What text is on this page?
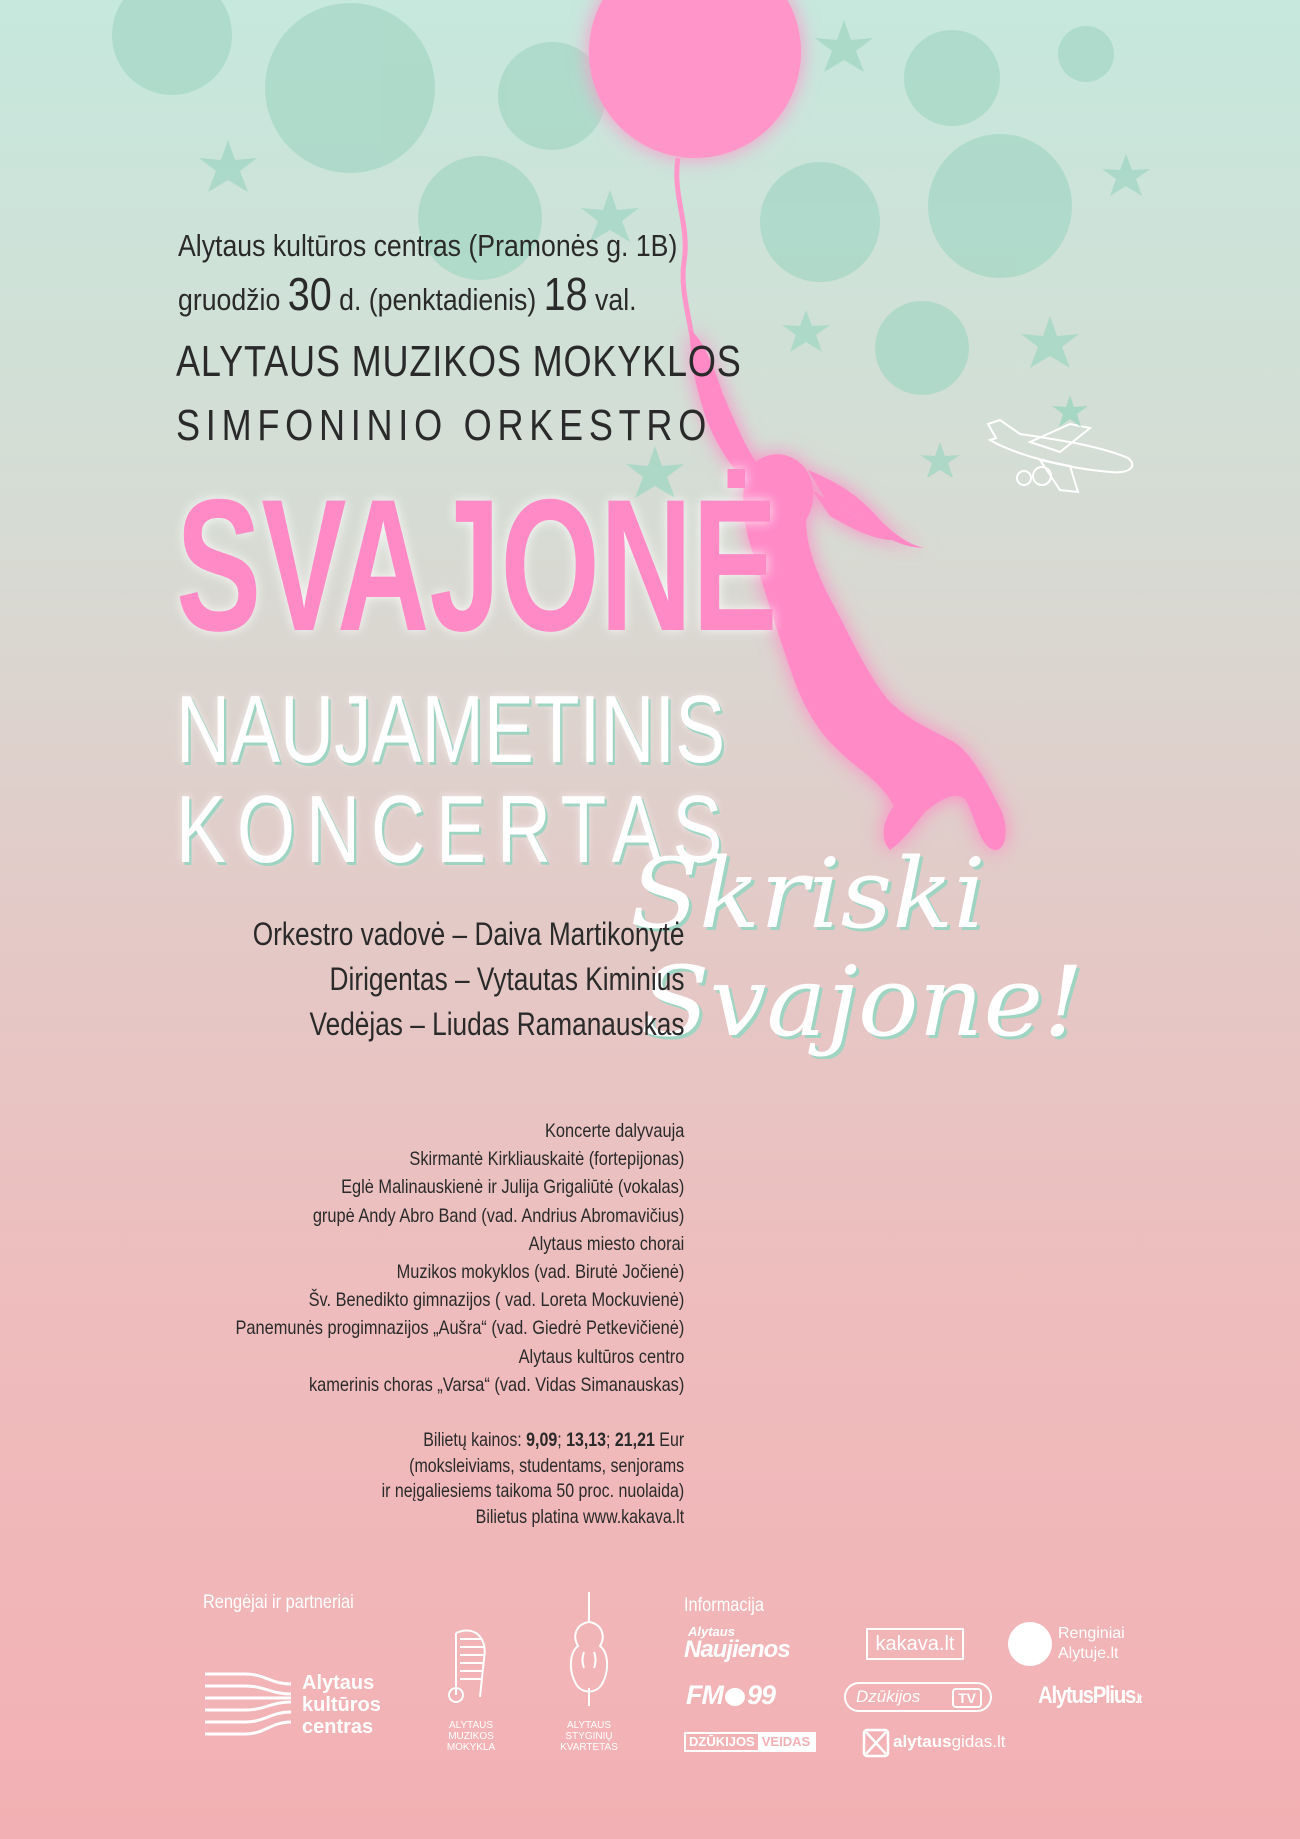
Alytaus kultūros centras (Pramonės g. 1B)
gruodžio 30 d. (penktadienis) 18 val.
ALYTAUS MUZIKOS MOKYKLOS
SIMFONINIO ORKESTRO
SVAJONĖ
NAUJAMETINIS
KONCERTAS
Skriski
Svajone!
Orkestro vadovė – Daiva Martikonytė
Dirigentas – Vytautas Kiminius
Vedėjas – Liudas Ramanauskas
Koncerte dalyvauja
Skirmantė Kirkliauskaitė (fortepijonas)
Eglė Malinauskienė ir Julija Grigaliūtė (vokalas)
grupė Andy Abro Band (vad. Andrius Abromavičius)
Alytaus miesto chorai
Muzikos mokyklos (vad. Birutė Jočienė)
Šv. Benedikto gimnazijos ( vad. Loreta Mockuvienė)
Panemunės progimnazijos „Aušra“ (vad. Giedrė Petkevičienė)
Alytaus kultūros centro
kamerinis choras „Varsa“ (vad. Vidas Simanauskas)
Bilietų kainos: 9,09; 13,13; 21,21 Eur
(moksleiviams, studentams, senjorams
ir neįgaliesiems taikoma 50 proc. nuolaida)
Bilietus platina www.kakava.lt
Rengėjai ir partneriai
Alytaus
kultūros
centras	ALYTAUS
MUZIKOS
MOKYKLA
ALYTAUS
STYGINIŲ
KVARTETAS
Informacija
Alytaus
Naujienos	kakava.lt	Renginiai
Alytuje.lt
FM 99	Dzūkijos	TV	AlytusPlius.lt
DZŪKIJOS VEIDAS	alytausgidas.lt
